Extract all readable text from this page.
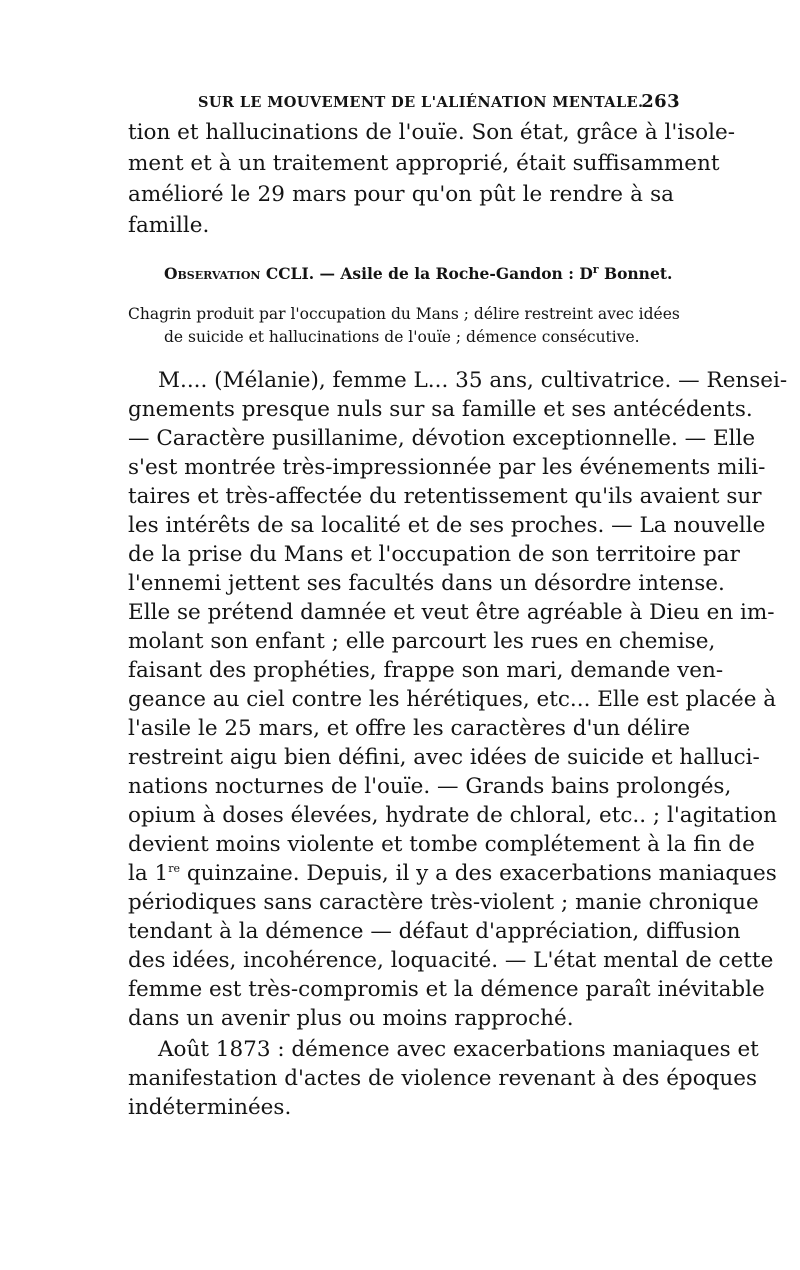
SUR LE MOUVEMENT DE L'ALIÉNATION MENTALE.
263
tion et hallucinations de l'ouïe. Son état, grâce à l'isole-
ment et à un traitement approprié, était suffisamment
amélioré le 29 mars pour qu'on pût le rendre à sa
famille.
Observation CCLI. — Asile de la Roche-Gandon : $D^r$ Bonnet.
Chagrin produit par l'occupation du Mans ; délire restreint avec idées
de suicide et hallucinations de l'ouïe ; démence consécutive.
M.... (Mélanie), femme L... 35 ans, cultivatrice. — Rensei-
gnements presque nuls sur sa famille et ses antécédents.
— Caractère pusillanime, dévotion exceptionnelle. — Elle
s'est montrée très-impressionnée par les événements mili-
taires et très-affectée du retentissement qu'ils avaient sur
les intérêts de sa localité et de ses proches. — La nouvelle
de la prise du Mans et l'occupation de son territoire par
l'ennemi jettent ses facultés dans un désordre intense.
Elle se prétend damnée et veut être agréable à Dieu en im-
molant son enfant ; elle parcourt les rues en chemise,
faisant des prophéties, frappe son mari, demande ven-
geance au ciel contre les hérétiques, etc... Elle est placée à
l'asile le 25 mars, et offre les caractères d'un délire
restreint aigu bien défini, avec idées de suicide et halluci-
nations nocturnes de l'ouïe. — Grands bains prolongés,
opium à doses élevées, hydrate de chloral, etc.. ; l'agitation
devient moins violente et tombe complétement à la fin de
la 1re quinzaine. Depuis, il y a des exacerbations maniaques
périodiques sans caractère très-violent ; manie chronique
tendant à la démence — défaut d'appréciation, diffusion
des idées, incohérence, loquacité. — L'état mental de cette
femme est très-compromis et la démence paraît inévitable
dans un avenir plus ou moins rapproché.
Août 1873 : démence avec exacerbations maniaques et
manifestation d'actes de violence revenant à des époques
indéterminées.
